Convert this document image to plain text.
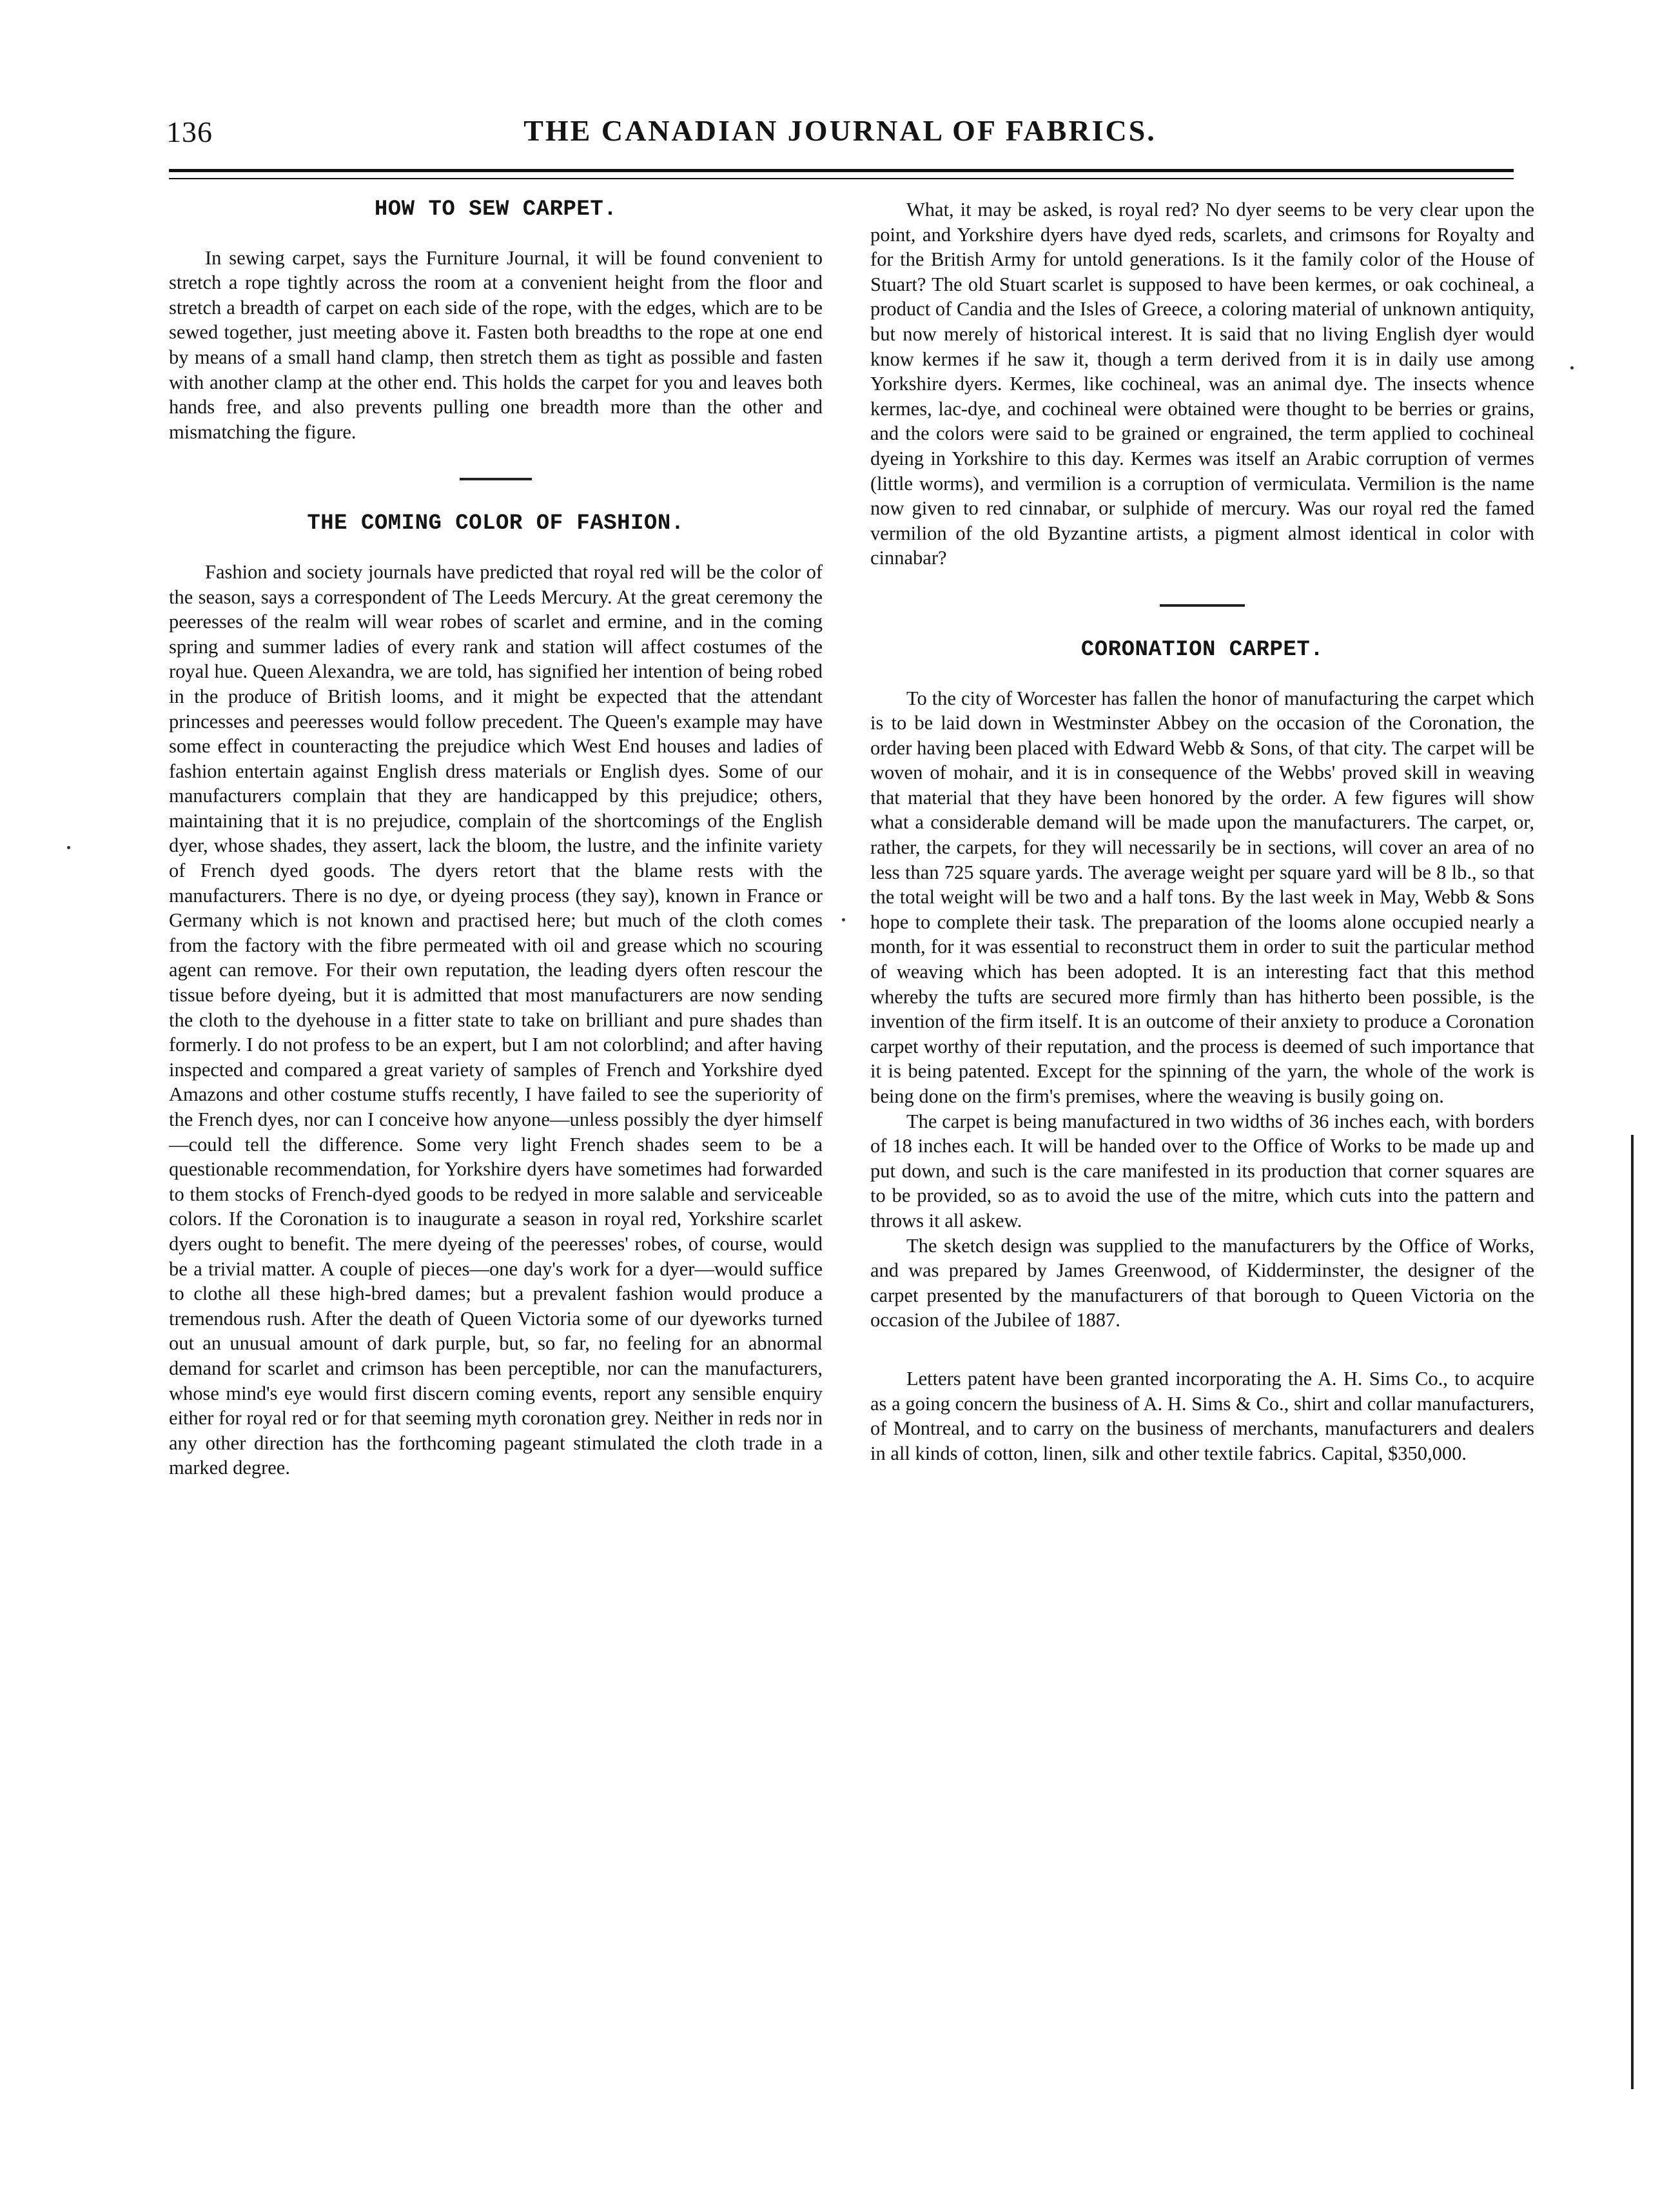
136	THE CANADIAN JOURNAL OF FABRICS.
HOW TO SEW CARPET.

In sewing carpet, says the Furniture Journal, it will be found convenient to stretch a rope tightly across the room at a convenient height from the floor and stretch a breadth of carpet on each side of the rope, with the edges, which are to be sewed together, just meeting above it. Fasten both breadths to the rope at one end by means of a small hand clamp, then stretch them as tight as possible and fasten with another clamp at the other end. This holds the carpet for you and leaves both hands free, and also prevents pulling one breadth more than the other and mismatching the figure.

THE COMING COLOR OF FASHION.

Fashion and society journals have predicted that royal red will be the color of the season, says a correspondent of The Leeds Mercury. At the great ceremony the peeresses of the realm will wear robes of scarlet and ermine, and in the coming spring and summer ladies of every rank and station will affect costumes of the royal hue. Queen Alexandra, we are told, has signified her intention of being robed in the produce of British looms, and it might be expected that the attendant princesses and peeresses would follow precedent. The Queen's example may have some effect in counteracting the prejudice which West End houses and ladies of fashion entertain against English dress materials or English dyes. Some of our manufacturers complain that they are handicapped by this prejudice; others, maintaining that it is no prejudice, complain of the shortcomings of the English dyer, whose shades, they assert, lack the bloom, the lustre, and the infinite variety of French dyed goods. The dyers retort that the blame rests with the manufacturers. There is no dye, or dyeing process (they say), known in France or Germany which is not known and practised here; but much of the cloth comes from the factory with the fibre permeated with oil and grease which no scouring agent can remove. For their own reputation, the leading dyers often rescour the tissue before dyeing, but it is admitted that most manufacturers are now sending the cloth to the dyehouse in a fitter state to take on brilliant and pure shades than formerly. I do not profess to be an expert, but I am not colorblind; and after having inspected and compared a great variety of samples of French and Yorkshire dyed Amazons and other costume stuffs recently, I have failed to see the superiority of the French dyes, nor can I conceive how anyone—unless possibly the dyer himself—could tell the difference. Some very light French shades seem to be a questionable recommendation, for Yorkshire dyers have sometimes had forwarded to them stocks of French-dyed goods to be redyed in more salable and serviceable colors. If the Coronation is to inaugurate a season in royal red, Yorkshire scarlet dyers ought to benefit. The mere dyeing of the peeresses' robes, of course, would be a trivial matter. A couple of pieces—one day's work for a dyer—would suffice to clothe all these high-bred dames; but a prevalent fashion would produce a tremendous rush. After the death of Queen Victoria some of our dyeworks turned out an unusual amount of dark purple, but, so far, no feeling for an abnormal demand for scarlet and crimson has been perceptible, nor can the manufacturers, whose mind's eye would first discern coming events, report any sensible enquiry either for royal red or for that seeming myth coronation grey. Neither in reds nor in any other direction has the forthcoming pageant stimulated the cloth trade in a marked degree.

What, it may be asked, is royal red? No dyer seems to be very clear upon the point, and Yorkshire dyers have dyed reds, scarlets, and crimsons for Royalty and for the British Army for untold generations. Is it the family color of the House of Stuart? The old Stuart scarlet is supposed to have been kermes, or oak cochineal, a product of Candia and the Isles of Greece, a coloring material of unknown antiquity, but now merely of historical interest. It is said that no living English dyer would know kermes if he saw it, though a term derived from it is in daily use among Yorkshire dyers. Kermes, like cochineal, was an animal dye. The insects whence kermes, lac-dye, and cochineal were obtained were thought to be berries or grains, and the colors were said to be grained or engrained, the term applied to cochineal dyeing in Yorkshire to this day. Kermes was itself an Arabic corruption of vermes (little worms), and vermilion is a corruption of vermiculata. Vermilion is the name now given to red cinnabar, or sulphide of mercury. Was our royal red the famed vermilion of the old Byzantine artists, a pigment almost identical in color with cinnabar?

CORONATION CARPET.

To the city of Worcester has fallen the honor of manufacturing the carpet which is to be laid down in Westminster Abbey on the occasion of the Coronation, the order having been placed with Edward Webb & Sons, of that city. The carpet will be woven of mohair, and it is in consequence of the Webbs' proved skill in weaving that material that they have been honored by the order. A few figures will show what a considerable demand will be made upon the manufacturers. The carpet, or, rather, the carpets, for they will necessarily be in sections, will cover an area of no less than 725 square yards. The average weight per square yard will be 8 lb., so that the total weight will be two and a half tons. By the last week in May, Webb & Sons hope to complete their task. The preparation of the looms alone occupied nearly a month, for it was essential to reconstruct them in order to suit the particular method of weaving which has been adopted. It is an interesting fact that this method whereby the tufts are secured more firmly than has hitherto been possible, is the invention of the firm itself. It is an outcome of their anxiety to produce a Coronation carpet worthy of their reputation, and the process is deemed of such importance that it is being patented. Except for the spinning of the yarn, the whole of the work is being done on the firm's premises, where the weaving is busily going on.

The carpet is being manufactured in two widths of 36 inches each, with borders of 18 inches each. It will be handed over to the Office of Works to be made up and put down, and such is the care manifested in its production that corner squares are to be provided, so as to avoid the use of the mitre, which cuts into the pattern and throws it all askew.

The sketch design was supplied to the manufacturers by the Office of Works, and was prepared by James Greenwood, of Kidderminster, the designer of the carpet presented by the manufacturers of that borough to Queen Victoria on the occasion of the Jubilee of 1887.

Letters patent have been granted incorporating the A. H. Sims Co., to acquire as a going concern the business of A. H. Sims & Co., shirt and collar manufacturers, of Montreal, and to carry on the business of merchants, manufacturers and dealers in all kinds of cotton, linen, silk and other textile fabrics. Capital, $350,000.
